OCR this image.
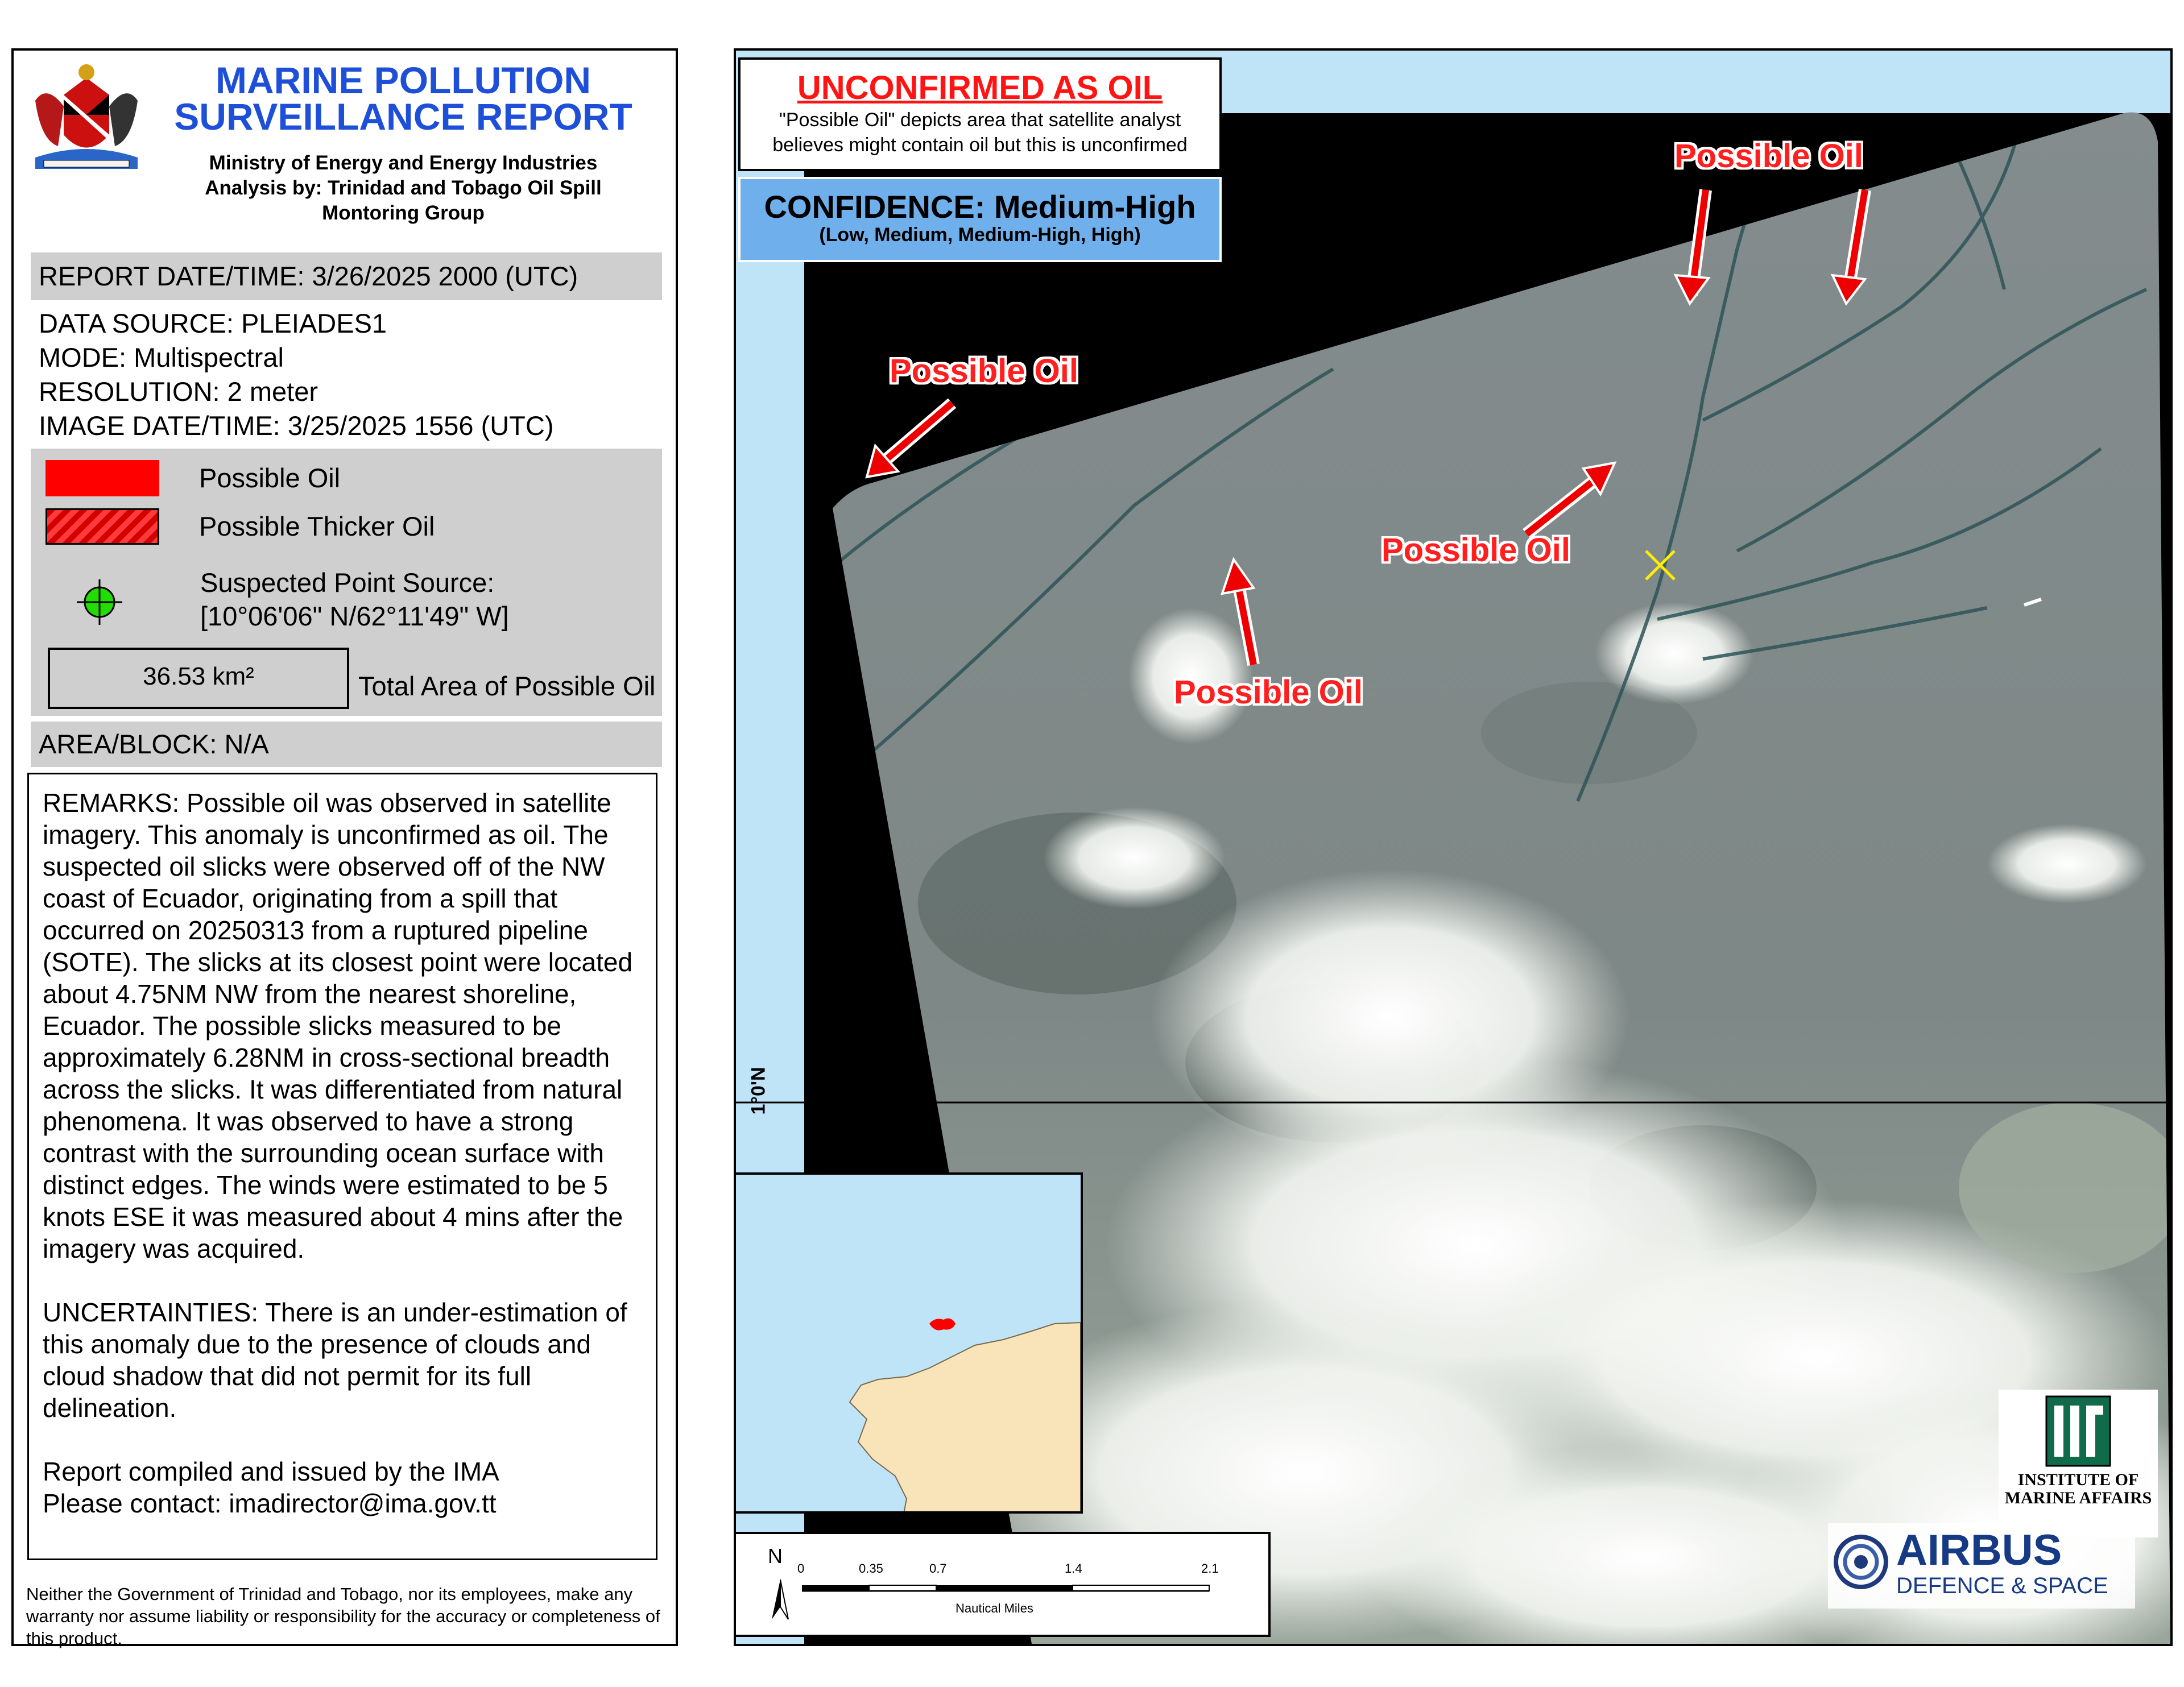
MARINE POLLUTION
SURVEILLANCE REPORT
Ministry of Energy and Energy Industries
Analysis by: Trinidad and Tobago Oil Spill
Montoring Group
REPORT DATE/TIME: 3/26/2025 2000 (UTC)
DATA SOURCE: PLEIADES1
MODE: Multispectral
RESOLUTION: 2 meter
IMAGE DATE/TIME: 3/25/2025 1556 (UTC)
Possible Oil
Possible Thicker Oil
Suspected Point Source:
[10°06'06" N/62°11'49" W]
36.53 km²	Total Area of Possible Oil
AREA/BLOCK: N/A

REMARKS: Possible oil was observed in satellite imagery. This anomaly is unconfirmed as oil. The suspected oil slicks were observed off of the NW coast of Ecuador, originating from a spill that occurred on 20250313 from a ruptured pipeline (SOTE). The slicks at its closest point were located about 4.75NM NW from the nearest shoreline, Ecuador. The possible slicks measured to be approximately 6.28NM in cross-sectional breadth across the slicks. It was differentiated from natural phenomena. It was observed to have a strong contrast with the surrounding ocean surface with distinct edges. The winds were estimated to be 5 knots ESE it was measured about 4 mins after the imagery was acquired.

UNCERTAINTIES: There is an under-estimation of this anomaly due to the presence of clouds and cloud shadow that did not permit for its full delineation.

Report compiled and issued by the IMA
Please contact: imadirector@ima.gov.tt
Neither the Government of Trinidad and Tobago, nor its employees, make any warranty nor assume liability or responsibility for the accuracy or completeness of this product.
Possible Oil
Possible Oil
Possible Oil
Possible Oil
UNCONFIRMED AS OIL
"Possible Oil" depicts area that satellite analyst
believes might contain oil but this is unconfirmed
CONFIDENCE: Medium-High
(Low, Medium, Medium-High, High)
1°0'N
N
0	0.35	0.7	1.4	2.1
Nautical Miles
INSTITUTE OF
MARINE AFFAIRS
AIRBUS
DEFENCE & SPACE
